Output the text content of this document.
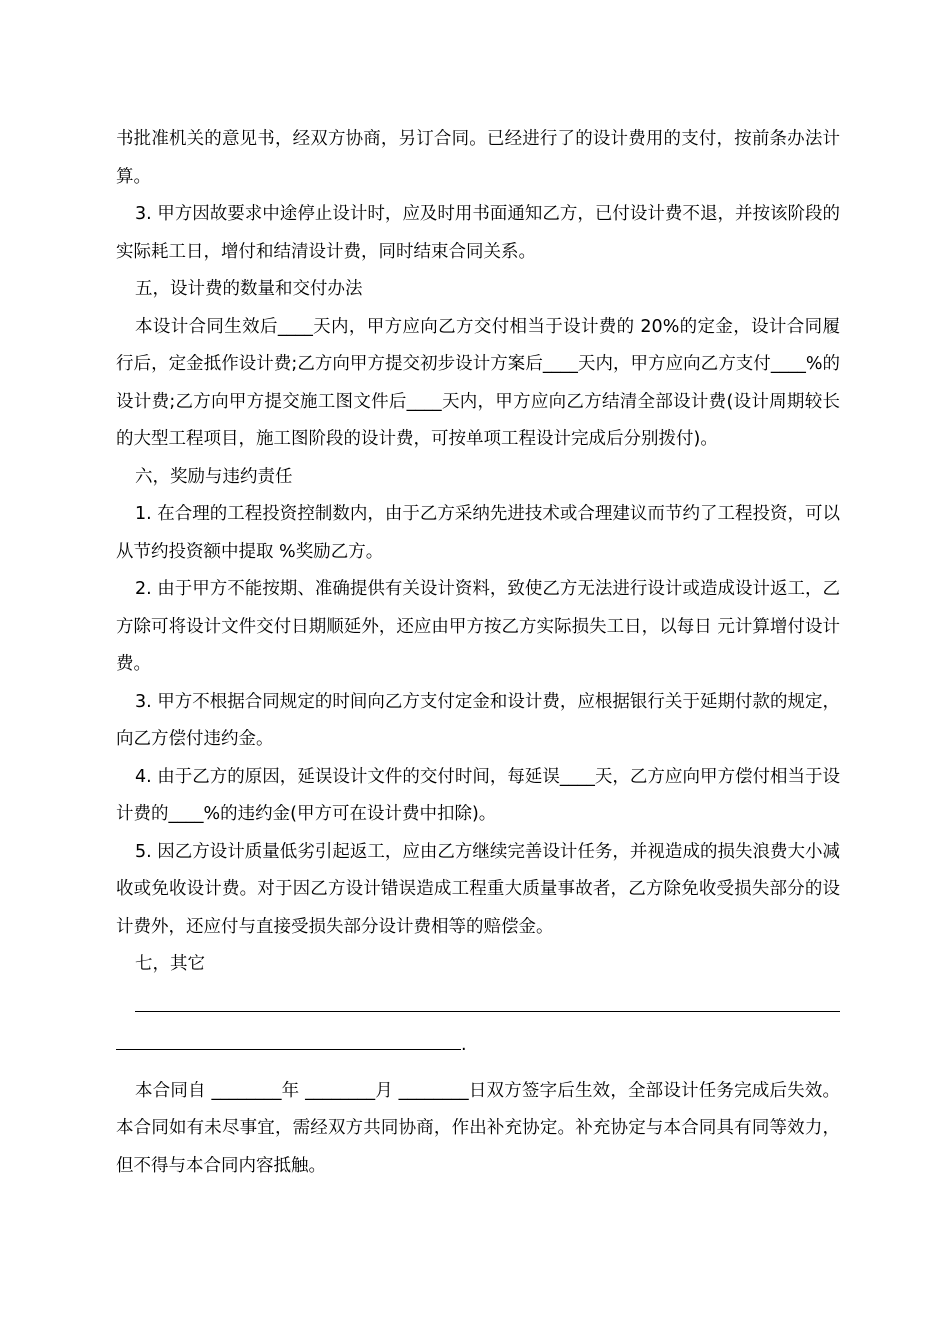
书批准机关的意见书，经双方协商，另订合同。已经进行了的设计费用的支付，按前条办法计算。

3. 甲方因故要求中途停止设计时，应及时用书面通知乙方，已付设计费不退，并按该阶段的实际耗工日，增付和结清设计费，同时结束合同关系。

五，设计费的数量和交付办法

本设计合同生效后____天内，甲方应向乙方交付相当于设计费的 20%的定金，设计合同履行后，定金抵作设计费;乙方向甲方提交初步设计方案后____天内，甲方应向乙方支付____%的设计费;乙方向甲方提交施工图文件后____天内，甲方应向乙方结清全部设计费(设计周期较长的大型工程项目，施工图阶段的设计费，可按单项工程设计完成后分别拨付)。

六，奖励与违约责任

1. 在合理的工程投资控制数内，由于乙方采纳先进技术或合理建议而节约了工程投资，可以从节约投资额中提取 %奖励乙方。

2. 由于甲方不能按期、准确提供有关设计资料，致使乙方无法进行设计或造成设计返工，乙方除可将设计文件交付日期顺延外，还应由甲方按乙方实际损失工日，以每日 元计算增付设计费。

3. 甲方不根据合同规定的时间向乙方支付定金和设计费，应根据银行关于延期付款的规定，向乙方偿付违约金。

4. 由于乙方的原因，延误设计文件的交付时间，每延误____天，乙方应向甲方偿付相当于设计费的____%的违约金(甲方可在设计费中扣除)。

5. 因乙方设计质量低劣引起返工，应由乙方继续完善设计任务，并视造成的损失浪费大小减收或免收设计费。对于因乙方设计错误造成工程重大质量事故者，乙方除免收受损失部分的设计费外，还应付与直接受损失部分设计费相等的赔偿金。

七，其它

.

本合同自 ________年 ________月 ________日双方签字后生效，全部设计任务完成后失效。本合同如有未尽事宜，需经双方共同协商，作出补充协定。补充协定与本合同具有同等效力，但不得与本合同内容抵触。
